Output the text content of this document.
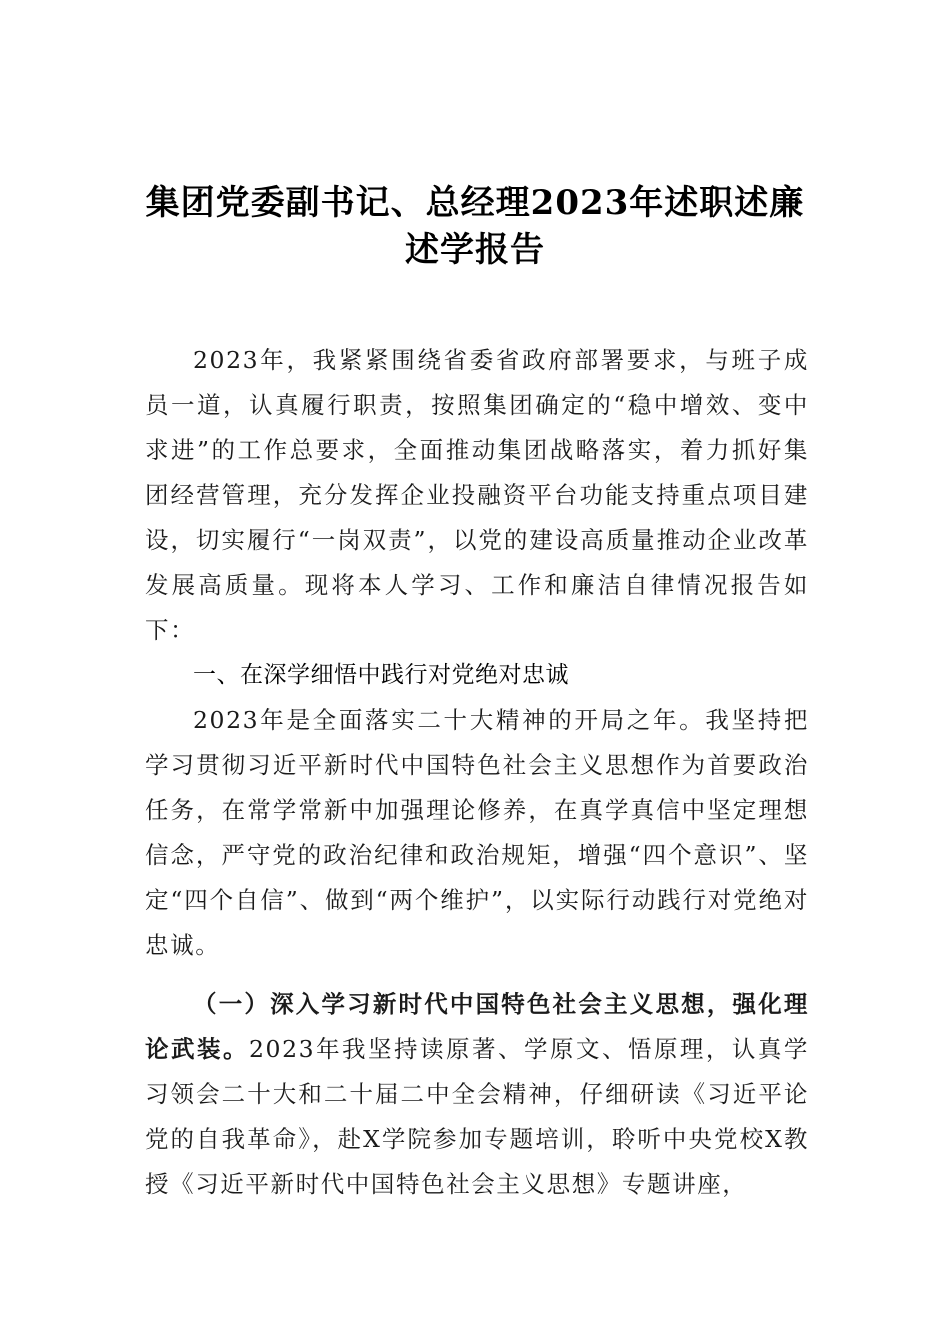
集团党委副书记、总经理2023年述职述廉
述学报告

2023年，我紧紧围绕省委省政府部署要求，与班子成员一道，认真履行职责，按照集团确定的“稳中增效、变中求进”的工作总要求，全面推动集团战略落实，着力抓好集团经营管理，充分发挥企业投融资平台功能支持重点项目建设，切实履行“一岗双责”，以党的建设高质量推动企业改革发展高质量。现将本人学习、工作和廉洁自律情况报告如下：

一、在深学细悟中践行对党绝对忠诚

2023年是全面落实二十大精神的开局之年。我坚持把学习贯彻习近平新时代中国特色社会主义思想作为首要政治任务，在常学常新中加强理论修养，在真学真信中坚定理想信念，严守党的政治纪律和政治规矩，增强“四个意识”、坚定“四个自信”、做到“两个维护”，以实际行动践行对党绝对忠诚。

（一）深入学习新时代中国特色社会主义思想，强化理论武装。2023年我坚持读原著、学原文、悟原理，认真学习领会二十大和二十届二中全会精神，仔细研读《习近平论党的自我革命》，赴X学院参加专题培训，聆听中央党校X教授《习近平新时代中国特色社会主义思想》专题讲座，
